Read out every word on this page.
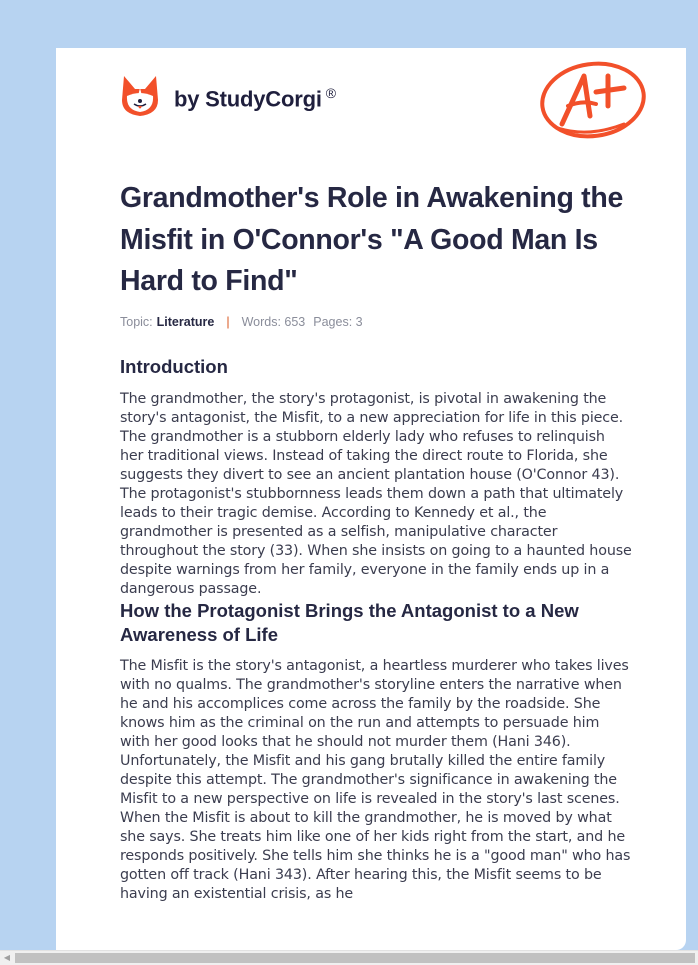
by StudyCorgi ®
Grandmother's Role in Awakening the Misfit in O'Connor's "A Good Man Is Hard to Find"
Topic: Literature | Words: 653 Pages: 3
Introduction

The grandmother, the story's protagonist, is pivotal in awakening the story's antagonist, the Misfit, to a new appreciation for life in this piece. The grandmother is a stubborn elderly lady who refuses to relinquish her traditional views. Instead of taking the direct route to Florida, she suggests they divert to see an ancient plantation house (O'Connor 43). The protagonist's stubbornness leads them down a path that ultimately leads to their tragic demise. According to Kennedy et al., the grandmother is presented as a selfish, manipulative character throughout the story (33). When she insists on going to a haunted house despite warnings from her family, everyone in the family ends up in a dangerous passage.

How the Protagonist Brings the Antagonist to a New Awareness of Life

The Misfit is the story's antagonist, a heartless murderer who takes lives with no qualms. The grandmother's storyline enters the narrative when he and his accomplices come across the family by the roadside. She knows him as the criminal on the run and attempts to persuade him with her good looks that he should not murder them (Hani 346). Unfortunately, the Misfit and his gang brutally killed the entire family despite this attempt. The grandmother's significance in awakening the Misfit to a new perspective on life is revealed in the story's last scenes. When the Misfit is about to kill the grandmother, he is moved by what she says. She treats him like one of her kids right from the start, and he responds positively. She tells him she thinks he is a "good man" who has gotten off track (Hani 343). After hearing this, the Misfit seems to be having an existential crisis, as he

◀
